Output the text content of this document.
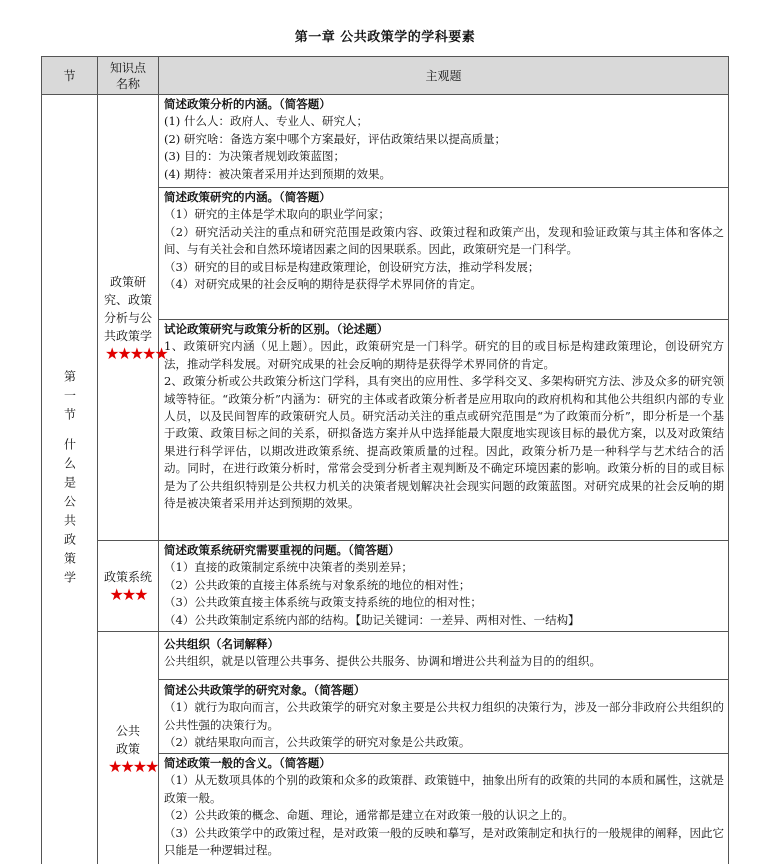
第一章 公共政策学的学科要素
节
知识点名称
主观题
第一节 什么是公共政策学
政策研究、政策分析与公共政策学
★★★★★
政策系统★★★
公共政策
★★★★

简述政策分析的内涵。（简答题）

(1) 什么人：政府人、专业人、研究人；

(2) 研究啥：备选方案中哪个方案最好，评估政策结果以提高质量；

(3) 目的：为决策者规划政策蓝图；

(4) 期待：被决策者采用并达到预期的效果。

简述政策研究的内涵。（简答题）

（1）研究的主体是学术取向的职业学问家；

（2）研究活动关注的重点和研究范围是政策内容、政策过程和政策产出，发现和验证政策与其主体和客体之间、与有关社会和自然环境诸因素之间的因果联系。因此，政策研究是一门科学。

（3）研究的目的或目标是构建政策理论，创设研究方法，推动学科发展；

（4）对研究成果的社会反响的期待是获得学术界同侪的肯定。

试论政策研究与政策分析的区别。（论述题）

1、政策研究内涵（见上题）。因此，政策研究是一门科学。研究的目的或目标是构建政策理论，创设研究方法，推动学科发展。对研究成果的社会反响的期待是获得学术界同侪的肯定。

2、政策分析或公共政策分析这门学科，具有突出的应用性、多学科交叉、多架构研究方法、涉及众多的研究领域等特征。“政策分析”内涵为：研究的主体或者政策分析者是应用取向的政府机构和其他公共组织内部的专业人员，以及民间智库的政策研究人员。研究活动关注的重点或研究范围是“为了政策而分析”，即分析是一个基于政策、政策目标之间的关系，研拟备选方案并从中选择能最大限度地实现该目标的最优方案，以及对政策结果进行科学评估，以期改进政策系统、提高政策质量的过程。因此，政策分析乃是一种科学与艺术结合的活动。同时，在进行政策分析时，常常会受到分析者主观判断及不确定环境因素的影响。政策分析的目的或目标是为了公共组织特别是公共权力机关的决策者规划解决社会现实问题的政策蓝图。对研究成果的社会反响的期待是被决策者采用并达到预期的效果。

简述政策系统研究需要重视的问题。（简答题）

（1）直接的政策制定系统中决策者的类别差异；

（2）公共政策的直接主体系统与对象系统的地位的相对性；

（3）公共政策直接主体系统与政策支持系统的地位的相对性；

（4）公共政策制定系统内部的结构。【助记关键词：一差异、两相对性、一结构】

公共组织（名词解释）

公共组织，就是以管理公共事务、提供公共服务、协调和增进公共利益为目的的组织。

简述公共政策学的研究对象。（简答题）

（1）就行为取向而言，公共政策学的研究对象主要是公共权力组织的决策行为，涉及一部分非政府公共组织的公共性强的决策行为。

（2）就结果取向而言，公共政策学的研究对象是公共政策。

简述政策一般的含义。（简答题）

（1）从无数项具体的个别的政策和众多的政策群、政策链中，抽象出所有的政策的共同的本质和属性，这就是政策一般。

（2）公共政策的概念、命题、理论，通常都是建立在对政策一般的认识之上的。

（3）公共政策学中的政策过程，是对政策一般的反映和摹写，是对政策制定和执行的一般规律的阐释，因此它只能是一种逻辑过程。
